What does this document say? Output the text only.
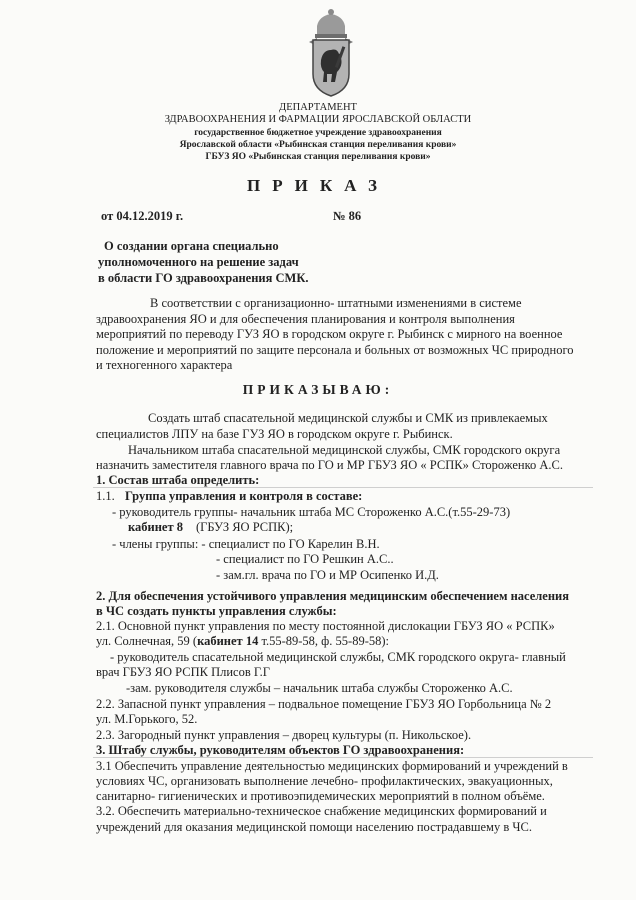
ДЕПАРТАМЕНТ
ЗДРАВООХРАНЕНИЯ И ФАРМАЦИИ ЯРОСЛАВСКОЙ ОБЛАСТИ
государственное бюджетное учреждение здравоохранения
Ярославской области «Рыбинская станция переливания крови»
ГБУЗ ЯО «Рыбинская станция переливания крови»
ПРИКАЗ
от 04.12.2019 г.	№ 86
О создании органа специально
уполномоченного на решение задач
в области ГО здравоохранения СМК.
В соответствии с организационно- штатными изменениями в системе
здравоохранения ЯО и для обеспечения планирования и контроля выполнения
мероприятий по переводу ГУЗ ЯО в городском округе г. Рыбинск с мирного на военное
положение и мероприятий по защите персонала и больных от возможных ЧС природного
и техногенного характера
ПРИКАЗЫВАЮ:
Создать штаб спасательной медицинской службы и СМК из привлекаемых
специалистов ЛПУ на базе ГУЗ ЯО в городском округе г. Рыбинск.
Начальником штаба спасательной медицинской службы, СМК городского округа
назначить заместителя главного врача по ГО и МР ГБУЗ ЯО « РСПК» Стороженко А.С.
1. Состав штаба определить:
1.1. Группа управления и контроля в составе:
- руководитель группы- начальник штаба МС Стороженко А.С.(т.55-29-73)
кабинет 8 (ГБУЗ ЯО РСПК);
- члены группы: - специалист по ГО Карелин В.Н.
- специалист по ГО Решкин А.С..
- зам.гл. врача по ГО и МР Осипенко И.Д.
2. Для обеспечения устойчивого управления медицинским обеспечением населения
в ЧС создать пункты управления службы:
2.1. Основной пункт управления по месту постоянной дислокации ГБУЗ ЯО « РСПК»
ул. Солнечная, 59 (кабинет 14 т.55-89-58, ф. 55-89-58):
- руководитель спасательной медицинской службы, СМК городского округа- главный
врач ГБУЗ ЯО РСПК Плисов Г.Г
-зам. руководителя службы – начальник штаба службы Стороженко А.С.
2.2. Запасной пункт управления – подвальное помещение ГБУЗ ЯО Горбольница № 2
ул. М.Горького, 52.
2.3. Загородный пункт управления – дворец культуры (п. Никольское).
3. Штабу службы, руководителям объектов ГО здравоохранения:
3.1 Обеспечить управление деятельностью медицинских формирований и учреждений в
условиях ЧС, организовать выполнение лечебно- профилактических, эвакуационных,
санитарно- гигиенических и противоэпидемических мероприятий в полном объёме.
3.2. Обеспечить материально-техническое снабжение медицинских формирований и
учреждений для оказания медицинской помощи населению пострадавшему в ЧС.
